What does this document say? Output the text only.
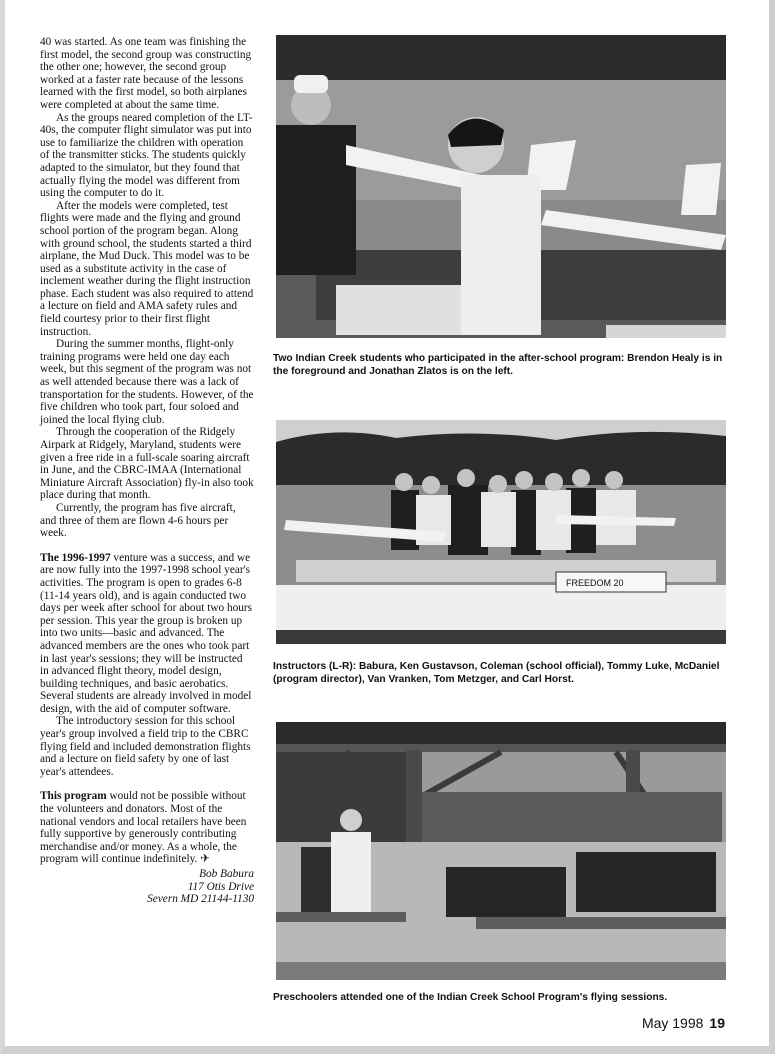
40 was started. As one team was finishing the first model, the second group was constructing the other one; however, the second group worked at a faster rate because of the lessons learned with the first model, so both airplanes were completed at about the same time.

As the groups neared completion of the LT-40s, the computer flight simulator was put into use to familiarize the children with operation of the transmitter sticks. The students quickly adapted to the simulator, but they found that actually flying the model was different from using the computer to do it.

After the models were completed, test flights were made and the flying and ground school portion of the program began. Along with ground school, the students started a third airplane, the Mud Duck. This model was to be used as a substitute activity in the case of inclement weather during the flight instruction phase. Each student was also required to attend a lecture on field and AMA safety rules and field courtesy prior to their first flight instruction.

During the summer months, flight-only training programs were held one day each week, but this segment of the program was not as well attended because there was a lack of transportation for the students. However, of the five children who took part, four soloed and joined the local flying club.

Through the cooperation of the Ridgely Airpark at Ridgely, Maryland, students were given a free ride in a full-scale soaring aircraft in June, and the CBRC-IMAA (International Miniature Aircraft Association) fly-in also took place during that month.

Currently, the program has five aircraft, and three of them are flown 4-6 hours per week.

The 1996-1997 venture was a success, and we are now fully into the 1997-1998 school year's activities. The program is open to grades 6-8 (11-14 years old), and is again conducted two days per week after school for about two hours per session. This year the group is broken up into two units—basic and advanced. The advanced members are the ones who took part in last year's sessions; they will be instructed in advanced flight theory, model design, building techniques, and basic aerobatics. Several students are already involved in model design, with the aid of computer software.

The introductory session for this school year's group involved a field trip to the CBRC flying field and included demonstration flights and a lecture on field safety by one of last year's attendees.

This program would not be possible without the volunteers and donators. Most of the national vendors and local retailers have been fully supportive by generously contributing merchandise and/or money. As a whole, the program will continue indefinitely. ✈

Bob Babura
117 Otis Drive
Severn MD 21144-1130
Two Indian Creek students who participated in the after-school program: Brendon Healy is in the foreground and Jonathan Zlatos is on the left.
FREEDOM 20
Instructors (L-R): Babura, Ken Gustavson, Coleman (school official), Tommy Luke, McDaniel (program director), Van Vranken, Tom Metzger, and Carl Horst.
Preschoolers attended one of the Indian Creek School Program's flying sessions.
May 1998 19
